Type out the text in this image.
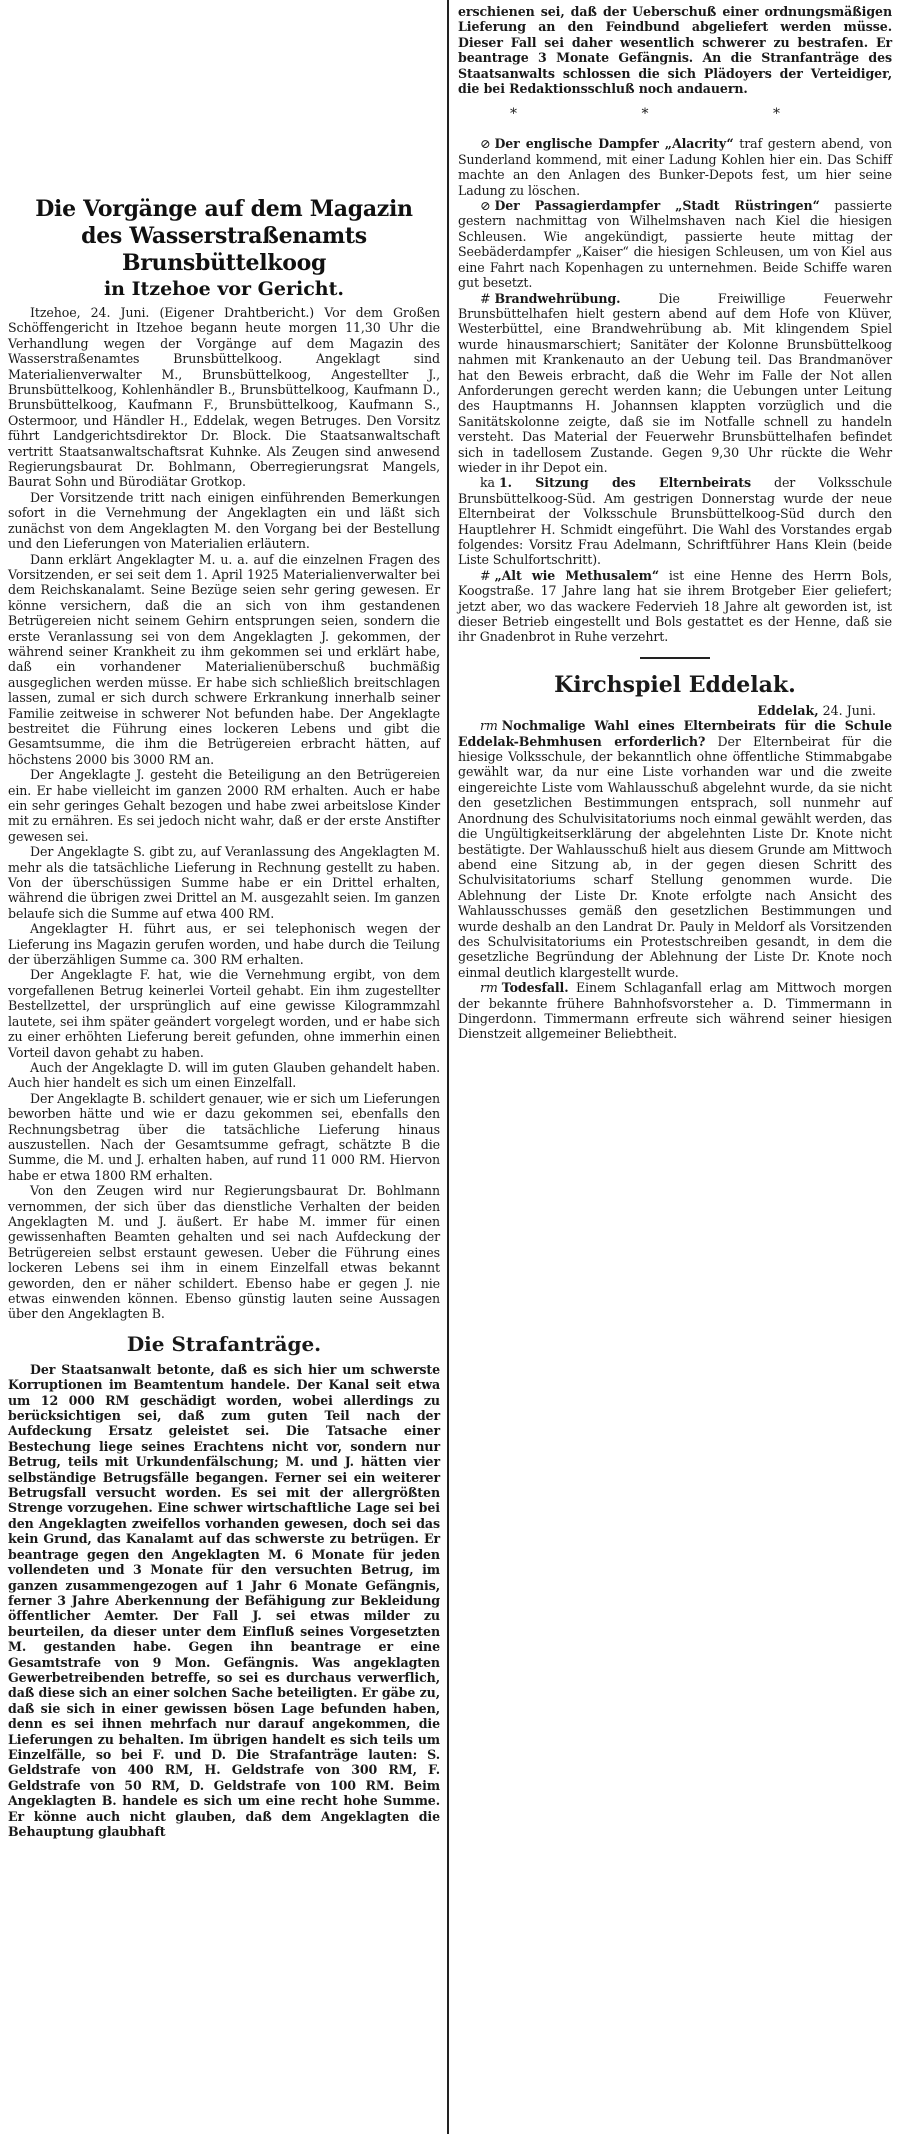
Die Vorgänge auf dem Magazin
des Wasserstraßenamts Brunsbüttelkoog
in Itzehoe vor Gericht.

Itzehoe, 24. Juni. (Eigener Drahtbericht.) Vor dem Großen Schöffengericht in Itzehoe begann heute morgen 11,30 Uhr die Verhandlung wegen der Vorgänge auf dem Magazin des Wasserstraßenamtes Brunsbüttelkoog. Angeklagt sind Materialienverwalter M., Brunsbüttelkoog, Angestellter J., Brunsbüttelkoog, Kohlenhändler B., Brunsbüttelkoog, Kaufmann D., Brunsbüttelkoog, Kaufmann F., Brunsbüttelkoog, Kaufmann S., Ostermoor, und Händler H., Eddelak, wegen Betruges. Den Vorsitz führt Landgerichtsdirektor Dr. Block. Die Staatsanwaltschaft vertritt Staatsanwaltschaftsrat Kuhnke. Als Zeugen sind anwesend Regierungsbaurat Dr. Bohlmann, Oberregierungsrat Mangels, Baurat Sohn und Bürodiätar Grotkop.

Der Vorsitzende tritt nach einigen einführenden Bemerkungen sofort in die Vernehmung der Angeklagten ein und läßt sich zunächst von dem Angeklagten M. den Vorgang bei der Bestellung und den Lieferungen von Materialien erläutern.

Dann erklärt Angeklagter M. u. a. auf die einzelnen Fragen des Vorsitzenden, er sei seit dem 1. April 1925 Materialienverwalter bei dem Reichskanalamt. Seine Bezüge seien sehr gering gewesen. Er könne versichern, daß die an sich von ihm gestandenen Betrügereien nicht seinem Gehirn entsprungen seien, sondern die erste Veranlassung sei von dem Angeklagten J. gekommen, der während seiner Krankheit zu ihm gekommen sei und erklärt habe, daß ein vorhandener Materialienüberschuß buchmäßig ausgeglichen werden müsse. Er habe sich schließlich breitschlagen lassen, zumal er sich durch schwere Erkrankung innerhalb seiner Familie zeitweise in schwerer Not befunden habe. Der Angeklagte bestreitet die Führung eines lockeren Lebens und gibt die Gesamtsumme, die ihm die Betrügereien erbracht hätten, auf höchstens 2000 bis 3000 RM an.

Der Angeklagte J. gesteht die Beteiligung an den Betrügereien ein. Er habe vielleicht im ganzen 2000 RM erhalten. Auch er habe ein sehr geringes Gehalt bezogen und habe zwei arbeitslose Kinder mit zu ernähren. Es sei jedoch nicht wahr, daß er der erste Anstifter gewesen sei.

Der Angeklagte S. gibt zu, auf Veranlassung des Angeklagten M. mehr als die tatsächliche Lieferung in Rechnung gestellt zu haben. Von der überschüssigen Summe habe er ein Drittel erhalten, während die übrigen zwei Drittel an M. ausgezahlt seien. Im ganzen belaufe sich die Summe auf etwa 400 RM.

Angeklagter H. führt aus, er sei telephonisch wegen der Lieferung ins Magazin gerufen worden, und habe durch die Teilung der überzähligen Summe ca. 300 RM erhalten.

Der Angeklagte F. hat, wie die Vernehmung ergibt, von dem vorgefallenen Betrug keinerlei Vorteil gehabt. Ein ihm zugestellter Bestellzettel, der ursprünglich auf eine gewisse Kilogrammzahl lautete, sei ihm später geändert vorgelegt worden, und er habe sich zu einer erhöhten Lieferung bereit gefunden, ohne immerhin einen Vorteil davon gehabt zu haben.

Auch der Angeklagte D. will im guten Glauben gehandelt haben. Auch hier handelt es sich um einen Einzelfall.

Der Angeklagte B. schildert genauer, wie er sich um Lieferungen beworben hätte und wie er dazu gekommen sei, ebenfalls den Rechnungsbetrag über die tatsächliche Lieferung hinaus auszustellen. Nach der Gesamtsumme gefragt, schätzte B die Summe, die M. und J. erhalten haben, auf rund 11 000 RM. Hiervon habe er etwa 1800 RM erhalten.

Von den Zeugen wird nur Regierungsbaurat Dr. Bohlmann vernommen, der sich über das dienstliche Verhalten der beiden Angeklagten M. und J. äußert. Er habe M. immer für einen gewissenhaften Beamten gehalten und sei nach Aufdeckung der Betrügereien selbst erstaunt gewesen. Ueber die Führung eines lockeren Lebens sei ihm in einem Einzelfall etwas bekannt geworden, den er näher schildert. Ebenso habe er gegen J. nie etwas einwenden können. Ebenso günstig lauten seine Aussagen über den Angeklagten B.

Die Strafanträge.

Der Staatsanwalt betonte, daß es sich hier um schwerste Korruptionen im Beamtentum handele. Der Kanal seit etwa um 12 000 RM geschädigt worden, wobei allerdings zu berücksichtigen sei, daß zum guten Teil nach der Aufdeckung Ersatz geleistet sei. Die Tatsache einer Bestechung liege seines Erachtens nicht vor, sondern nur Betrug, teils mit Urkundenfälschung; M. und J. hätten vier selbständige Betrugsfälle begangen. Ferner sei ein weiterer Betrugsfall versucht worden. Es sei mit der allergrößten Strenge vorzugehen. Eine schwer wirtschaftliche Lage sei bei den Angeklagten zweifellos vorhanden gewesen, doch sei das kein Grund, das Kanalamt auf das schwerste zu betrügen. Er beantrage gegen den Angeklagten M. 6 Monate für jeden vollendeten und 3 Monate für den versuchten Betrug, im ganzen zusammengezogen auf 1 Jahr 6 Monate Gefängnis, ferner 3 Jahre Aberkennung der Befähigung zur Bekleidung öffentlicher Aemter. Der Fall J. sei etwas milder zu beurteilen, da dieser unter dem Einfluß seines Vorgesetzten M. gestanden habe. Gegen ihn beantrage er eine Gesamtstrafe von 9 Mon. Gefängnis. Was angeklagten Gewerbetreibenden betreffe, so sei es durchaus verwerflich, daß diese sich an einer solchen Sache beteiligten. Er gäbe zu, daß sie sich in einer gewissen bösen Lage befunden haben, denn es sei ihnen mehrfach nur darauf angekommen, die Lieferungen zu behalten. Im übrigen handelt es sich teils um Einzelfälle, so bei F. und D. Die Strafanträge lauten: S. Geldstrafe von 400 RM, H. Geldstrafe von 300 RM, F. Geldstrafe von 50 RM, D. Geldstrafe von 100 RM. Beim Angeklagten B. handele es sich um eine recht hohe Summe. Er könne auch nicht glauben, daß dem Angeklagten die Behauptung glaubhaft

erschienen sei, daß der Ueberschuß einer ordnungsmäßigen Lieferung an den Feindbund abgeliefert werden müsse. Dieser Fall sei daher wesentlich schwerer zu bestrafen. Er beantrage 3 Monate Gefängnis. An die Stranfanträge des Staatsanwalts schlossen die sich Plädoyers der Verteidiger, die bei Redaktionsschluß noch andauern.

* * *

⊘ Der englische Dampfer „Alacrity“ traf gestern abend, von Sunderland kommend, mit einer Ladung Kohlen hier ein. Das Schiff machte an den Anlagen des Bunker-Depots fest, um hier seine Ladung zu löschen.

⊘ Der Passagierdampfer „Stadt Rüstringen“ passierte gestern nachmittag von Wilhelmshaven nach Kiel die hiesigen Schleusen. Wie angekündigt, passierte heute mittag der Seebäderdampfer „Kaiser“ die hiesigen Schleusen, um von Kiel aus eine Fahrt nach Kopenhagen zu unternehmen. Beide Schiffe waren gut besetzt.

# Brandwehrübung. Die Freiwillige Feuerwehr Brunsbüttelhafen hielt gestern abend auf dem Hofe von Klüver, Westerbüttel, eine Brandwehrübung ab. Mit klingendem Spiel wurde hinausmarschiert; Sanitäter der Kolonne Brunsbüttelkoog nahmen mit Krankenauto an der Uebung teil. Das Brandmanöver hat den Beweis erbracht, daß die Wehr im Falle der Not allen Anforderungen gerecht werden kann; die Uebungen unter Leitung des Hauptmanns H. Johannsen klappten vorzüglich und die Sanitätskolonne zeigte, daß sie im Notfalle schnell zu handeln versteht. Das Material der Feuerwehr Brunsbüttelhafen befindet sich in tadellosem Zustande. Gegen 9,30 Uhr rückte die Wehr wieder in ihr Depot ein.

ka 1. Sitzung des Elternbeirats der Volksschule Brunsbüttelkoog-Süd. Am gestrigen Donnerstag wurde der neue Elternbeirat der Volksschule Brunsbüttelkoog-Süd durch den Hauptlehrer H. Schmidt eingeführt. Die Wahl des Vorstandes ergab folgendes: Vorsitz Frau Adelmann, Schriftführer Hans Klein (beide Liste Schulfortschritt).

# „Alt wie Methusalem“ ist eine Henne des Herrn Bols, Koogstraße. 17 Jahre lang hat sie ihrem Brotgeber Eier geliefert; jetzt aber, wo das wackere Federvieh 18 Jahre alt geworden ist, ist dieser Betrieb eingestellt und Bols gestattet es der Henne, daß sie ihr Gnadenbrot in Ruhe verzehrt.

Kirchspiel Eddelak.
Eddelak, 24. Juni.

rm Nochmalige Wahl eines Elternbeirats für die Schule Eddelak-Behmhusen erforderlich? Der Elternbeirat für die hiesige Volksschule, der bekanntlich ohne öffentliche Stimmabgabe gewählt war, da nur eine Liste vorhanden war und die zweite eingereichte Liste vom Wahlausschuß abgelehnt wurde, da sie nicht den gesetzlichen Bestimmungen entsprach, soll nunmehr auf Anordnung des Schulvisitatoriums noch einmal gewählt werden, das die Ungültigkeitserklärung der abgelehnten Liste Dr. Knote nicht bestätigte. Der Wahlausschuß hielt aus diesem Grunde am Mittwoch abend eine Sitzung ab, in der gegen diesen Schritt des Schulvisitatoriums scharf Stellung genommen wurde. Die Ablehnung der Liste Dr. Knote erfolgte nach Ansicht des Wahlausschusses gemäß den gesetzlichen Bestimmungen und wurde deshalb an den Landrat Dr. Pauly in Meldorf als Vorsitzenden des Schulvisitatoriums ein Protestschreiben gesandt, in dem die gesetzliche Begründung der Ablehnung der Liste Dr. Knote noch einmal deutlich klargestellt wurde.

rm Todesfall. Einem Schlaganfall erlag am Mittwoch morgen der bekannte frühere Bahnhofsvorsteher a. D. Timmermann in Dingerdonn. Timmermann erfreute sich während seiner hiesigen Dienstzeit allgemeiner Beliebtheit.
